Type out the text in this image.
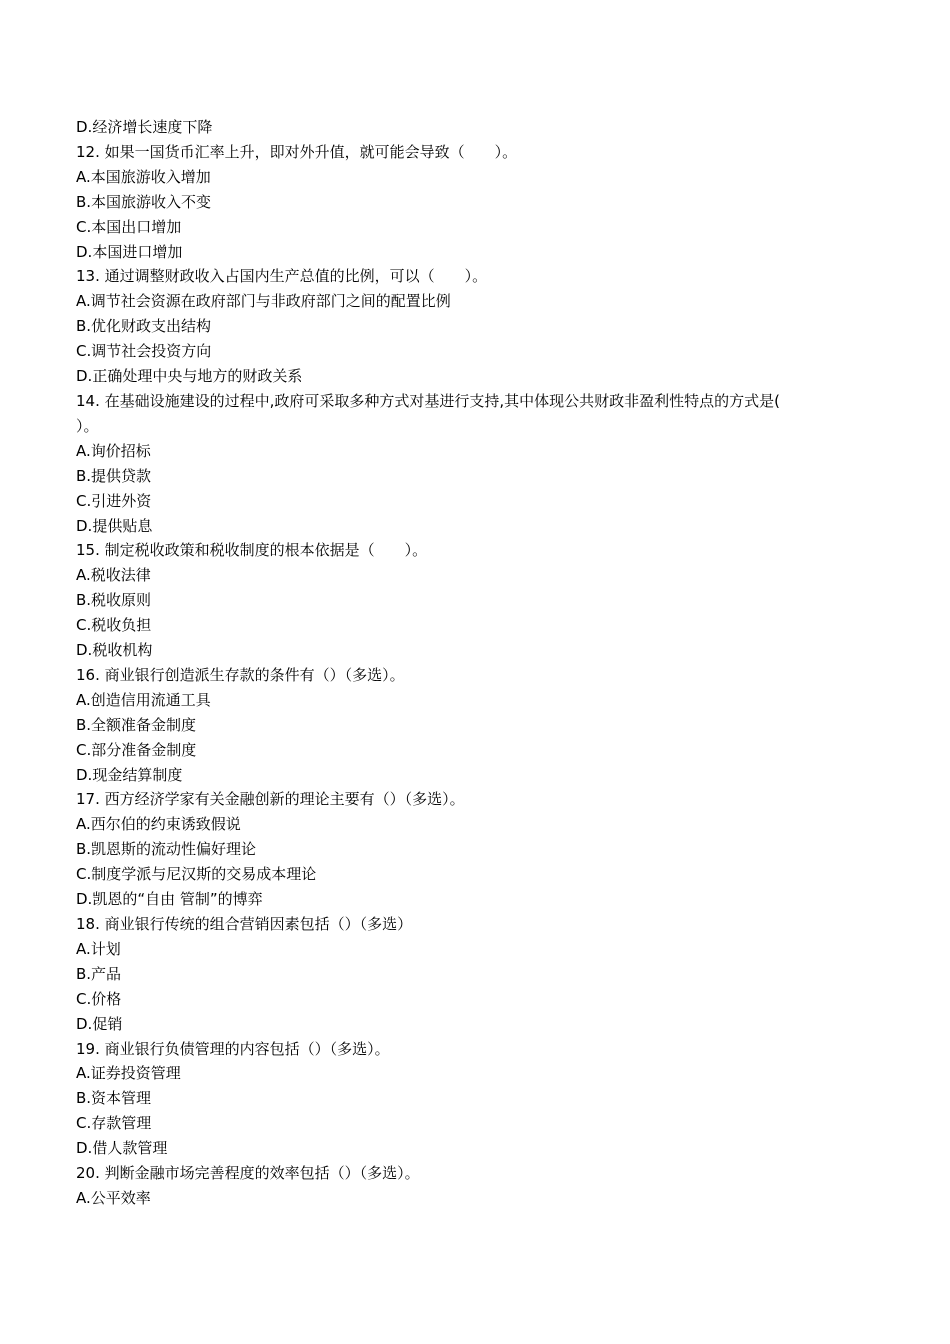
D.经济增长速度下降

12. 如果一国货币汇率上升，即对外升值，就可能会导致（　　）。

A.本国旅游收入增加

B.本国旅游收入不变

C.本国出口增加

D.本国进口增加

13. 通过调整财政收入占国内生产总值的比例，可以（　　）。

A.调节社会资源在政府部门与非政府部门之间的配置比例

B.优化财政支出结构

C.调节社会投资方向

D.正确处理中央与地方的财政关系

14. 在基础设施建设的过程中,政府可采取多种方式对基进行支持,其中体现公共财政非盈利性特点的方式是(

）。

A.询价招标

B.提供贷款

C.引进外资

D.提供贴息

15. 制定税收政策和税收制度的根本依据是（　　）。

A.税收法律

B.税收原则

C.税收负担

D.税收机构

16. 商业银行创造派生存款的条件有（）（多选）。

A.创造信用流通工具

B.全额准备金制度

C.部分准备金制度

D.现金结算制度

17. 西方经济学家有关金融创新的理论主要有（）（多选）。

A.西尔伯的约束诱致假说

B.凯恩斯的流动性偏好理论

C.制度学派与尼汉斯的交易成本理论

D.凯恩的“自由 管制”的博弈

18. 商业银行传统的组合营销因素包括（）（多选）

A.计划

B.产品

C.价格

D.促销

19. 商业银行负债管理的内容包括（）（多选）。

A.证券投资管理

B.资本管理

C.存款管理

D.借人款管理

20. 判断金融市场完善程度的效率包括（）（多选）。

A.公平效率
